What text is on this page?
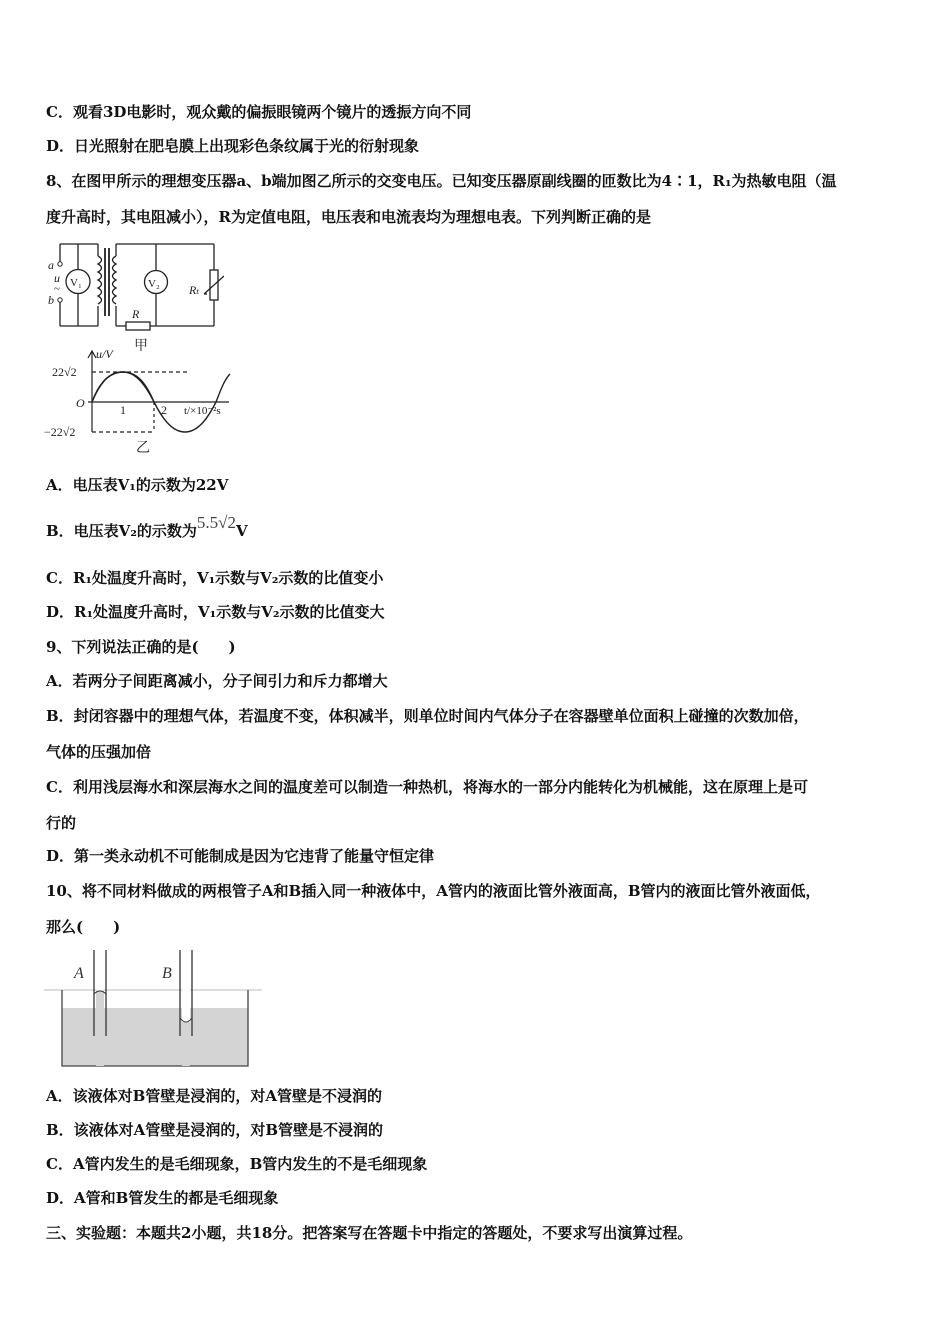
C．观看3D电影时，观众戴的偏振眼镜两个镜片的透振方向不同
D．日光照射在肥皂膜上出现彩色条纹属于光的衍射现象
8、在图甲所示的理想变压器a、b端加图乙所示的交变电压。已知变压器原副线圈的匝数比为4∶1，R₁为热敏电阻（温
度升高时，其电阻减小），R为定值电阻，电压表和电流表均为理想电表。下列判断正确的是
a
b
u
Rₜ
R
~ V₁	V₂
甲
u/V
22√2
O
−22√2
1	2 t/×10⁻²s
乙
A．电压表V₁的示数为22V
B．电压表V₂的示数为5.5√2V
C．R₁处温度升高时，V₁示数与V₂示数的比值变小
D．R₁处温度升高时，V₁示数与V₂示数的比值变大
9、下列说法正确的是(　　)
A．若两分子间距离减小，分子间引力和斥力都增大
B．封闭容器中的理想气体，若温度不变，体积减半，则单位时间内气体分子在容器壁单位面积上碰撞的次数加倍，
气体的压强加倍
C．利用浅层海水和深层海水之间的温度差可以制造一种热机，将海水的一部分内能转化为机械能，这在原理上是可
行的
D．第一类永动机不可能制成是因为它违背了能量守恒定律
10、将不同材料做成的两根管子A和B插入同一种液体中，A管内的液面比管外液面高，B管内的液面比管外液面低，
那么(　　)
A	B
A．该液体对B管壁是浸润的，对A管壁是不浸润的
B．该液体对A管壁是浸润的，对B管壁是不浸润的
C．A管内发生的是毛细现象，B管内发生的不是毛细现象
D．A管和B管发生的都是毛细现象
三、实验题：本题共2小题，共18分。把答案写在答题卡中指定的答题处，不要求写出演算过程。
